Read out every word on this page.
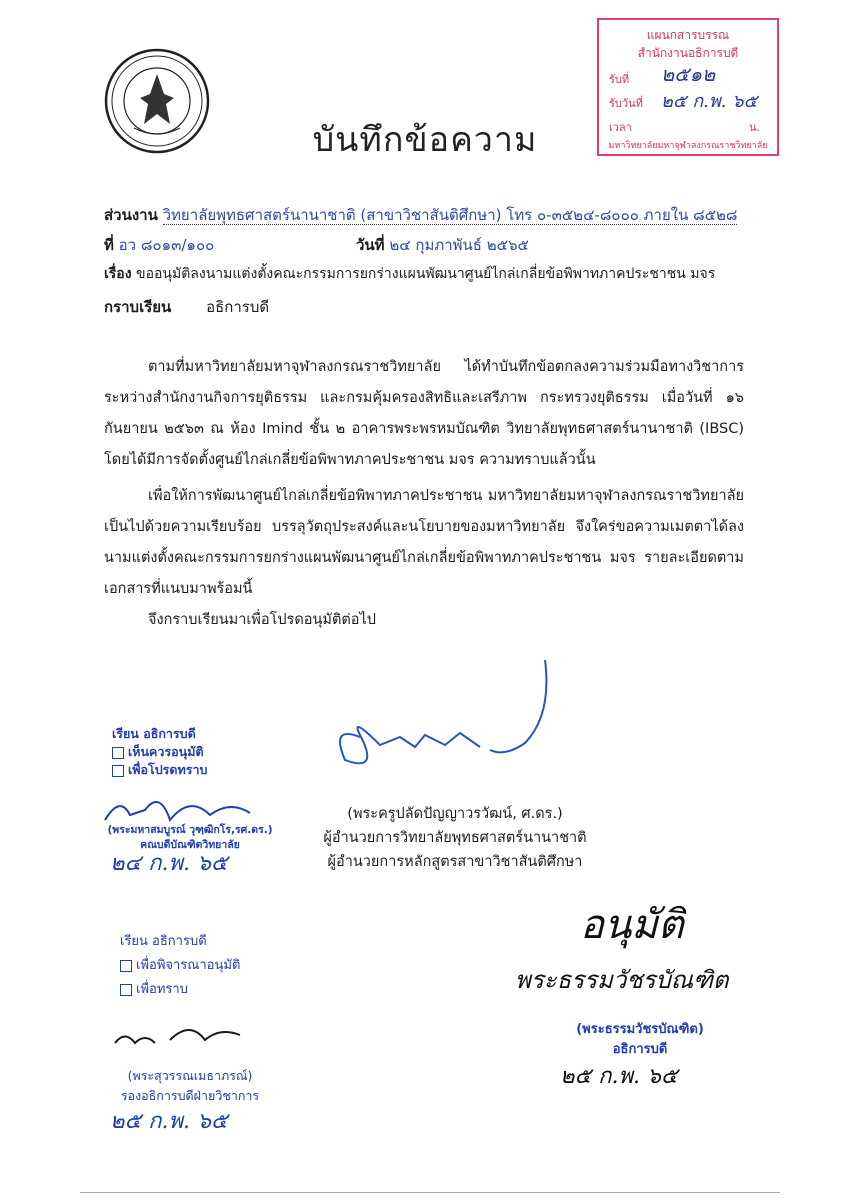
บันทึกข้อความ
แผนกสารบรรณ
สำนักงานอธิการบดี
รับที่ ๒๕๑๒
รับวันที่ ๒๕ ก.พ. ๖๕
เวลา	น.
มหาวิทยาลัยมหาจุฬาลงกรณราชวิทยาลัย
ส่วนงาน วิทยาลัยพุทธศาสตร์นานาชาติ (สาขาวิชาสันติศึกษา) โทร ๐-๓๕๒๔-๘๐๐๐ ภายใน ๘๕๒๘
ที่ อว ๘๐๑๓/๑๐๐	วันที่ ๒๔ กุมภาพันธ์ ๒๕๖๕
เรื่อง ขออนุมัติลงนามแต่งตั้งคณะกรรมการยกร่างแผนพัฒนาศูนย์ไกล่เกลี่ยข้อพิพาทภาคประชาชน มจร
กราบเรียน อธิการบดี
ตามที่มหาวิทยาลัยมหาจุฬาลงกรณราชวิทยาลัย ได้ทำบันทึกข้อตกลงความร่วมมือทางวิชาการระหว่างสำนักงานกิจการยุติธรรม และกรมคุ้มครองสิทธิและเสรีภาพ กระทรวงยุติธรรม เมื่อวันที่ ๑๖ กันยายน ๒๕๖๓ ณ ห้อง Imind ชั้น ๒ อาคารพระพรหมบัณฑิต วิทยาลัยพุทธศาสตร์นานาชาติ (IBSC) โดยได้มีการจัดตั้งศูนย์ไกล่เกลี่ยข้อพิพาทภาคประชาชน มจร ความทราบแล้วนั้น
เพื่อให้การพัฒนาศูนย์ไกล่เกลี่ยข้อพิพาทภาคประชาชน มหาวิทยาลัยมหาจุฬาลงกรณราชวิทยาลัย เป็นไปด้วยความเรียบร้อย บรรลุวัตถุประสงค์และนโยบายของมหาวิทยาลัย จึงใคร่ขอความเมตตาได้ลงนามแต่งตั้งคณะกรรมการยกร่างแผนพัฒนาศูนย์ไกล่เกลี่ยข้อพิพาทภาคประชาชน มจร รายละเอียดตามเอกสารที่แนบมาพร้อมนี้
จึงกราบเรียนมาเพื่อโปรดอนุมัติต่อไป
(พระครูปลัดปัญญาวรวัฒน์, ศ.ดร.)
ผู้อำนวยการวิทยาลัยพุทธศาสตร์นานาชาติ
ผู้อำนวยการหลักสูตรสาขาวิชาสันติศึกษา
เรียน อธิการบดี
เห็นควรอนุมัติ
เพื่อโปรดทราบ
(พระมหาสมบูรณ์ วุฑฺฒิกโร,รศ.ดร.)
คณบดีบัณฑิตวิทยาลัย
๒๔ ก.พ. ๖๕
เรียน อธิการบดี
เพื่อพิจารณาอนุมัติ
เพื่อทราบ
(พระสุวรรณเมธาภรณ์)
รองอธิการบดีฝ่ายวิชาการ
๒๕ ก.พ. ๖๕
อนุมัติ
พระธรรมวัชรบัณฑิต
(พระธรรมวัชรบัณฑิต)
อธิการบดี
๒๕ ก.พ. ๖๕
